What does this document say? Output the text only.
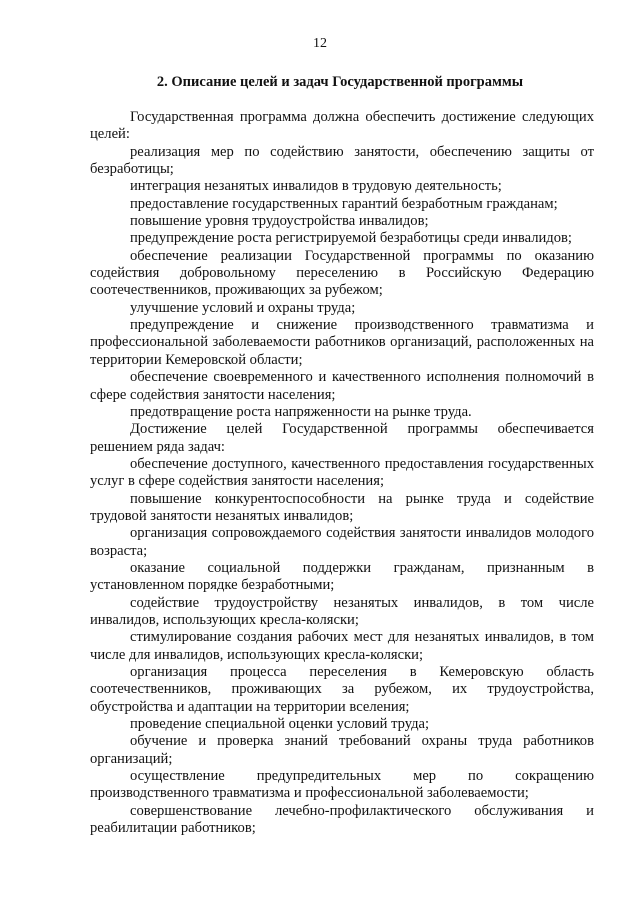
12
2. Описание целей и задач Государственной программы

Государственная программа должна обеспечить достижение следующих целей:

реализация мер по содействию занятости, обеспечению защиты от безработицы;

интеграция незанятых инвалидов в трудовую деятельность;

предоставление государственных гарантий безработным гражданам;

повышение уровня трудоустройства инвалидов;

предупреждение роста регистрируемой безработицы среди инвалидов;

обеспечение реализации Государственной программы по оказанию содействия добровольному переселению в Российскую Федерацию соотечественников, проживающих за рубежом;

улучшение условий и охраны труда;

предупреждение и снижение производственного травматизма и профессиональной заболеваемости работников организаций, расположенных на территории Кемеровской области;

обеспечение своевременного и качественного исполнения полномочий в сфере содействия занятости населения;

предотвращение роста напряженности на рынке труда.

Достижение целей Государственной программы обеспечивается решением ряда задач:

обеспечение доступного, качественного предоставления государственных услуг в сфере содействия занятости населения;

повышение конкурентоспособности на рынке труда и содействие трудовой занятости незанятых инвалидов;

организация сопровождаемого содействия занятости инвалидов молодого возраста;

оказание социальной поддержки гражданам, признанным в установленном порядке безработными;

содействие трудоустройству незанятых инвалидов, в том числе инвалидов, использующих кресла-коляски;

стимулирование создания рабочих мест для незанятых инвалидов, в том числе для инвалидов, использующих кресла-коляски;

организация процесса переселения в Кемеровскую область соотечественников, проживающих за рубежом, их трудоустройства, обустройства и адаптации на территории вселения;

проведение специальной оценки условий труда;

обучение и проверка знаний требований охраны труда работников организаций;

осуществление предупредительных мер по сокращению производственного травматизма и профессиональной заболеваемости;

совершенствование лечебно-профилактического обслуживания и реабилитации работников;
